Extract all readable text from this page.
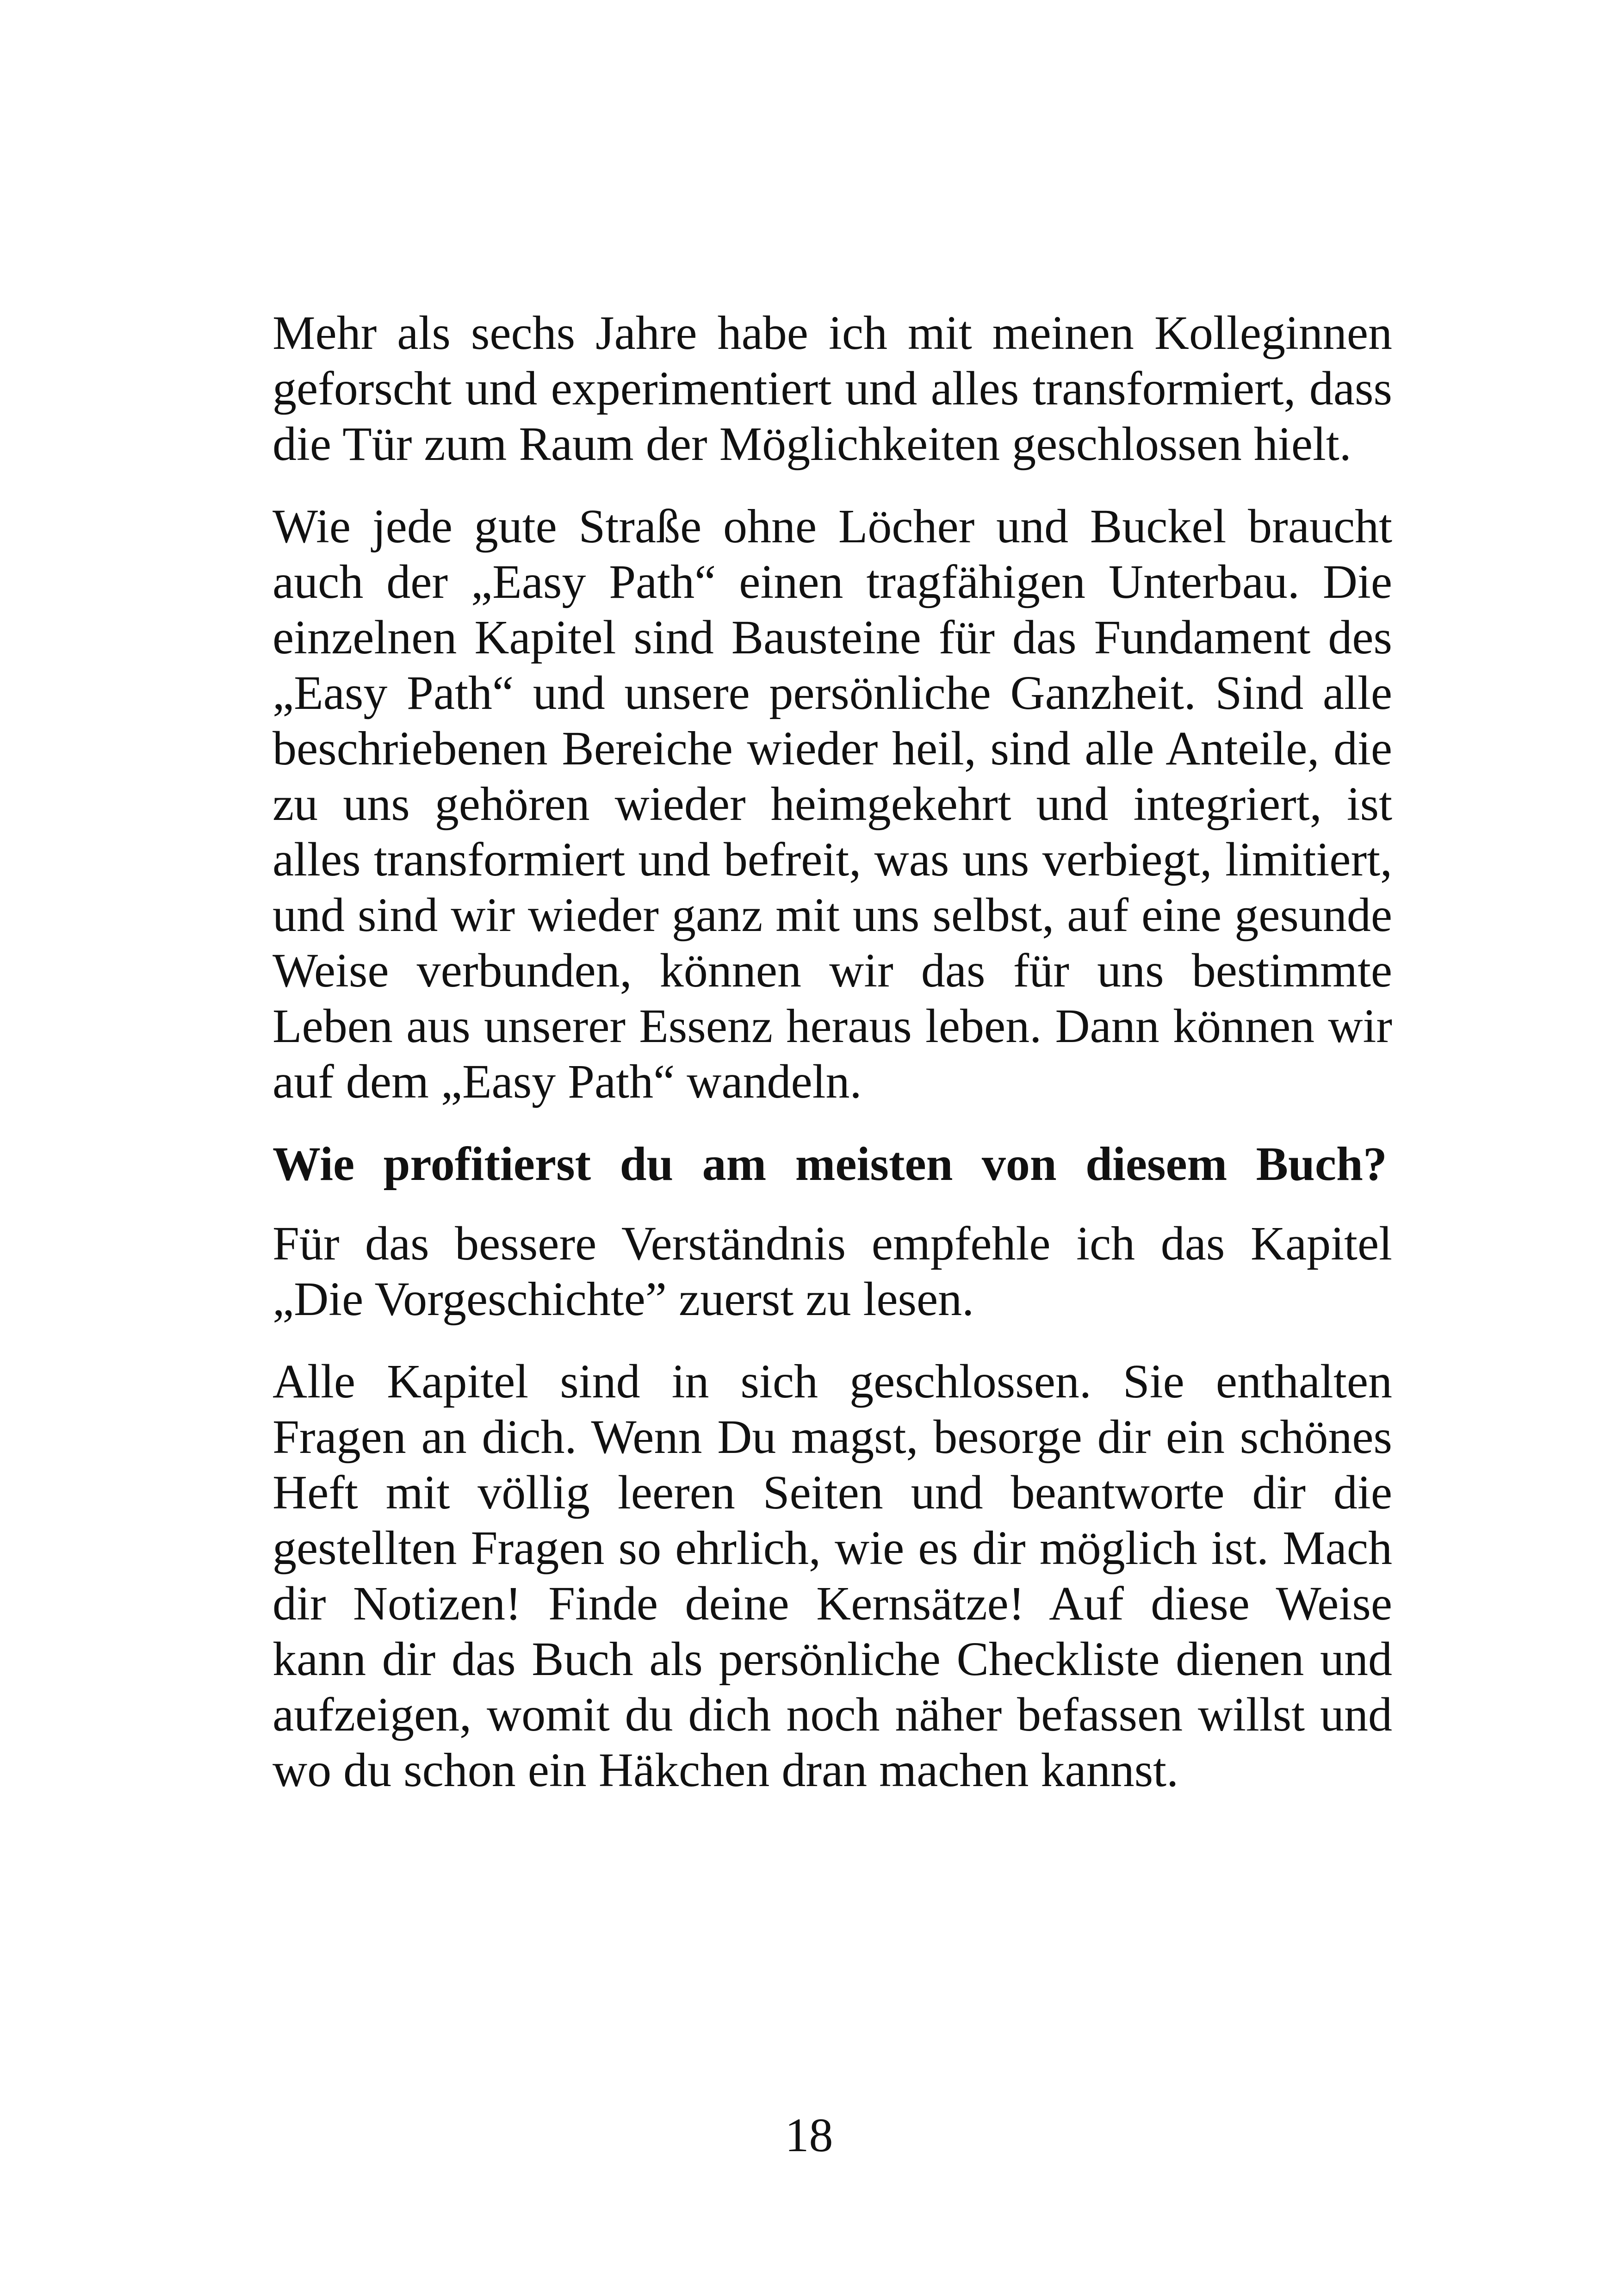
Mehr als sechs Jahre habe ich mit meinen Kolleginnen geforscht und experimentiert und alles transformiert, dass die Tür zum Raum der Möglichkeiten geschlossen hielt.

Wie jede gute Straße ohne Löcher und Buckel braucht auch der „Easy Path“ einen tragfähigen Unterbau. Die einzelnen Kapitel sind Bausteine für das Fundament des „Easy Path“ und unsere persönliche Ganzheit. Sind alle beschriebenen Bereiche wieder heil, sind alle Anteile, die zu uns gehören wieder heimgekehrt und integriert, ist alles transformiert und befreit, was uns verbiegt, limitiert, und sind wir wieder ganz mit uns selbst, auf eine gesunde Weise verbunden, können wir das für uns bestimmte Leben aus unserer Essenz heraus leben. Dann können wir auf dem „Easy Path“ wandeln.

Wie profitierst du am meisten von diesem Buch?

Für das bessere Verständnis empfehle ich das Kapitel „Die Vorgeschichte” zuerst zu lesen.

Alle Kapitel sind in sich geschlossen. Sie enthalten Fragen an dich. Wenn Du magst, besorge dir ein schönes Heft mit völlig leeren Seiten und beantworte dir die gestellten Fragen so ehrlich, wie es dir möglich ist. Mach dir Notizen! Finde deine Kernsätze! Auf diese Weise kann dir das Buch als persönliche Checkliste dienen und aufzeigen, womit du dich noch näher befassen willst und wo du schon ein Häkchen dran machen kannst.

18
